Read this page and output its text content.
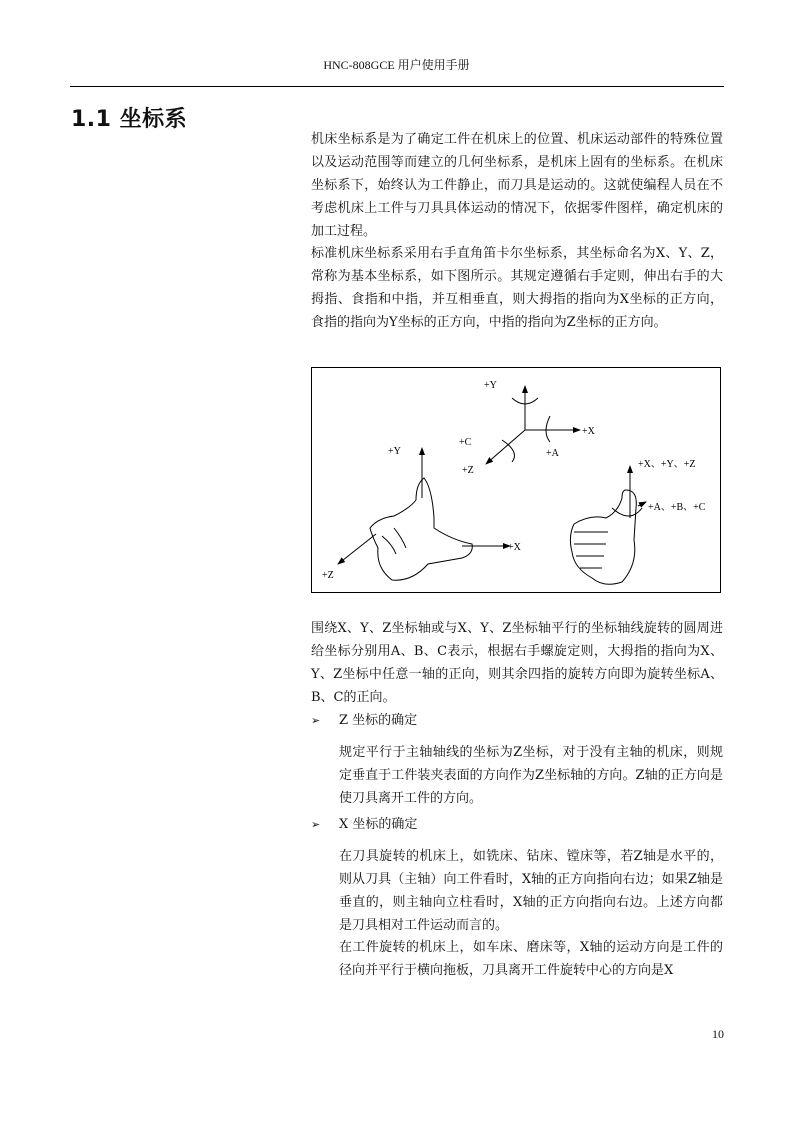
HNC-808GCE 用户使用手册
1.1 坐标系

机床坐标系是为了确定工件在机床上的位置、机床运动部件的特殊位置以及运动范围等而建立的几何坐标系，是机床上固有的坐标系。在机床坐标系下，始终认为工件静止，而刀具是运动的。这就使编程人员在不考虑机床上工件与刀具具体运动的情况下，依据零件图样，确定机床的加工过程。

标准机床坐标系采用右手直角笛卡尔坐标系，其坐标命名为X、Y、Z，常称为基本坐标系，如下图所示。其规定遵循右手定则，伸出右手的大拇指、食指和中指，并互相垂直，则大拇指的指向为X坐标的正方向，食指的指向为Y坐标的正方向，中指的指向为Z坐标的正方向。

+Y
+X
+C
+A
+Z
+Y
+X
+Z
+X、+Y、+Z
+A、+B、+C

围绕X、Y、Z坐标轴或与X、Y、Z坐标轴平行的坐标轴线旋转的圆周进给坐标分别用A、B、C表示，根据右手螺旋定则，大拇指的指向为X、Y、Z坐标中任意一轴的正向，则其余四指的旋转方向即为旋转坐标A、B、C的正向。

➢ Z 坐标的确定

规定平行于主轴轴线的坐标为Z坐标，对于没有主轴的机床，则规定垂直于工件装夹表面的方向作为Z坐标轴的方向。Z轴的正方向是使刀具离开工件的方向。

➢ X 坐标的确定

在刀具旋转的机床上，如铣床、钻床、镗床等，若Z轴是水平的，则从刀具（主轴）向工件看时，X轴的正方向指向右边；如果Z轴是垂直的，则主轴向立柱看时，X轴的正方向指向右边。上述方向都是刀具相对工件运动而言的。

在工件旋转的机床上，如车床、磨床等，X轴的运动方向是工件的径向并平行于横向拖板，刀具离开工件旋转中心的方向是X

10
